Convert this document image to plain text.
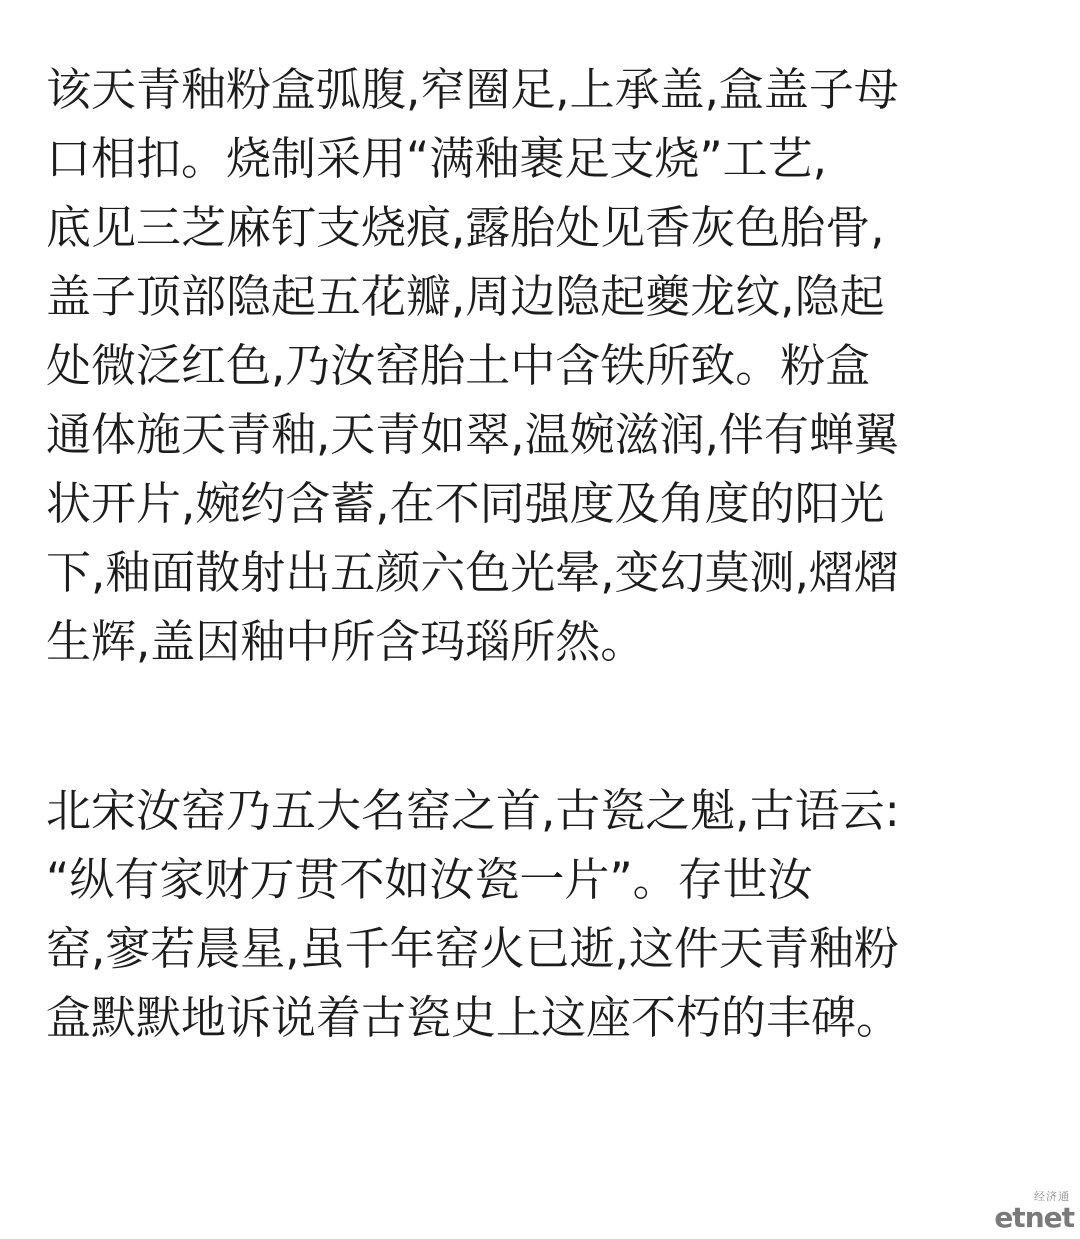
该天青釉粉盒弧腹,窄圈足,上承盖,盒盖子母
口相扣。烧制采用“满釉裹足支烧”工艺,
底见三芝麻钉支烧痕,露胎处见香灰色胎骨,
盖子顶部隐起五花瓣,周边隐起夔龙纹,隐起
处微泛红色,乃汝窑胎土中含铁所致。粉盒
通体施天青釉,天青如翠,温婉滋润,伴有蝉翼
状开片,婉约含蓄,在不同强度及角度的阳光
下,釉面散射出五颜六色光晕,变幻莫测,熠熠
生辉,盖因釉中所含玛瑙所然。

北宋汝窑乃五大名窑之首,古瓷之魁,古语云:
“纵有家财万贯不如汝瓷一片”。存世汝
窑,寥若晨星,虽千年窑火已逝,这件天青釉粉
盒默默地诉说着古瓷史上这座不朽的丰碑。

经济通
etnet
